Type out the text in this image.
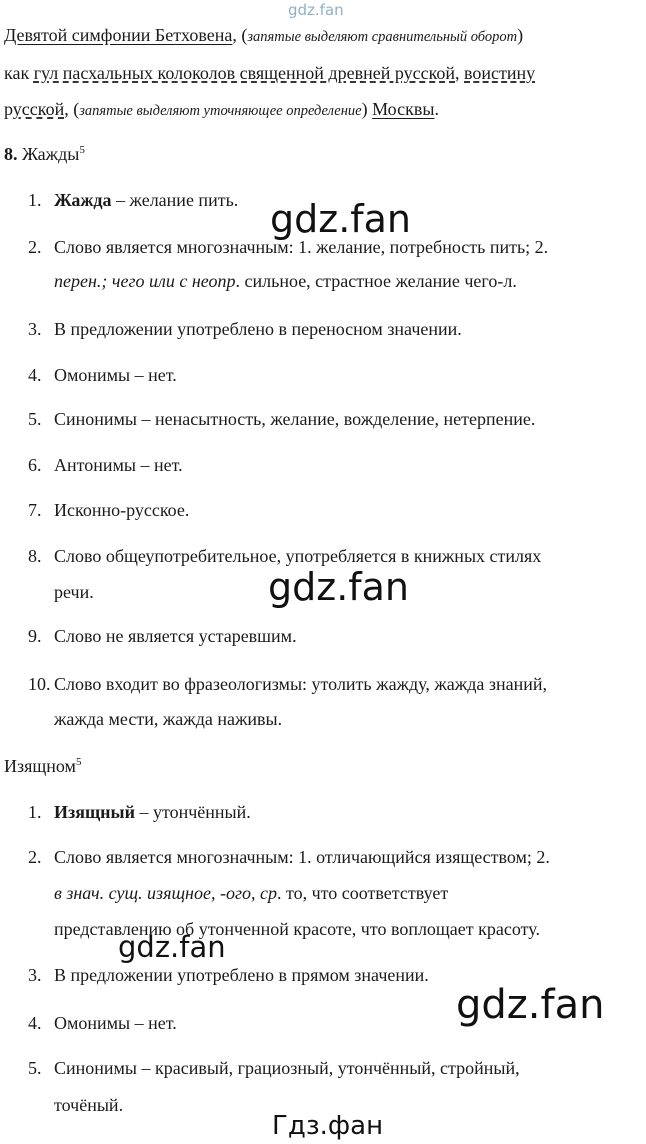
gdz.fan
gdz.fan
gdz.fan
gdz.fan
gdz.fan
Гдз.фан
Девятой симфонии Бетховена, (запятые выделяют сравнительный оборот)
как гул пасхальных колоколов священной древней русской, воистину
русской, (запятые выделяют уточняющее определение) Москвы.
8. Жажды$^5$
1. Жажда – желание пить.
2. Слово является многозначным: 1. желание, потребность пить; 2.
перен.; чего или с неопр. сильное, страстное желание чего-л.
3. В предложении употреблено в переносном значении.
4. Омонимы – нет.
5. Синонимы – ненасытность, желание, вожделение, нетерпение.
6. Антонимы – нет.
7. Исконно-русское.
8. Слово общеупотребительное, употребляется в книжных стилях
речи.
9. Слово не является устаревшим.
10. Слово входит во фразеологизмы: утолить жажду, жажда знаний,
жажда мести, жажда наживы.
Изящном$^5$
1. Изящный – утончённый.
2. Слово является многозначным: 1. отличающийся изяществом; 2.
в знач. сущ. изящное, -ого, ср. то, что соответствует
представлению об утонченной красоте, что воплощает красоту.
3. В предложении употреблено в прямом значении.
4. Омонимы – нет.
5. Синонимы – красивый, грациозный, утончённый, стройный,
точёный.
